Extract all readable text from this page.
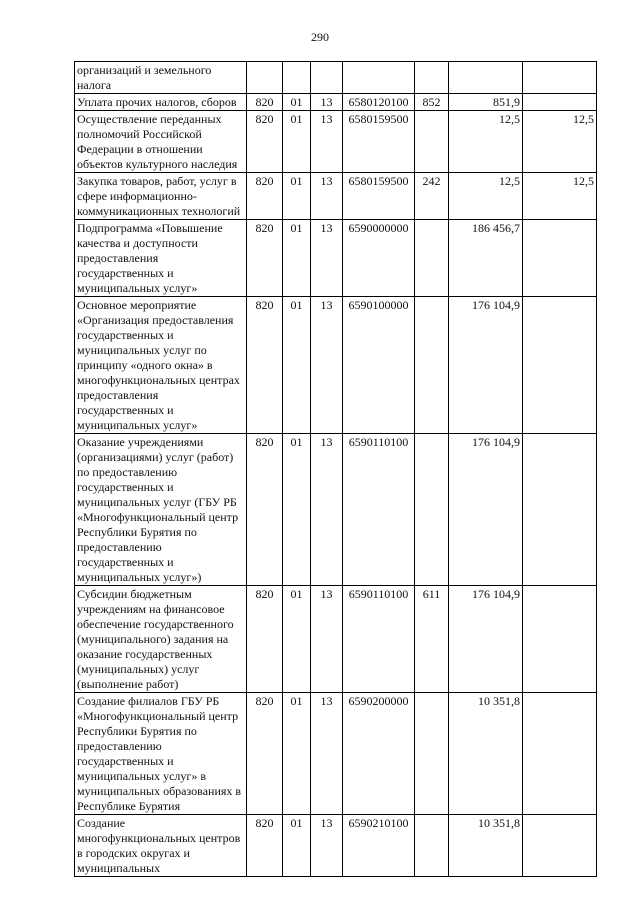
290
организаций и земельного налога							
Уплата прочих налогов, сборов	820	01	13	6580120100	852	851,9	
Осуществление переданных полномочий Российской Федерации в отношении объектов культурного наследия	820	01	13	6580159500		12,5	12,5
Закупка товаров, работ, услуг в сфере информационно-коммуникационных технологий	820	01	13	6580159500	242	12,5	12,5
Подпрограмма «Повышение качества и доступности предоставления государственных и муниципальных услуг»	820	01	13	6590000000		186 456,7	
Основное мероприятие «Организация предоставления государственных и муниципальных услуг по принципу «одного окна» в многофункциональных центрах предоставления государственных и муниципальных услуг»	820	01	13	6590100000		176 104,9	
Оказание учреждениями (организациями) услуг (работ) по предоставлению государственных и муниципальных услуг (ГБУ РБ «Многофункциональный центр Республики Бурятия по предоставлению государственных и муниципальных услуг»)	820	01	13	6590110100		176 104,9	
Субсидии бюджетным учреждениям на финансовое обеспечение государственного (муниципального) задания на оказание государственных (муниципальных) услуг (выполнение работ)	820	01	13	6590110100	611	176 104,9	
Создание филиалов ГБУ РБ «Многофункциональный центр Республики Бурятия по предоставлению государственных и муниципальных услуг» в муниципальных образованиях в Республике Бурятия	820	01	13	6590200000		10 351,8	
Создание многофункциональных центров в городских округах и муниципальных	820	01	13	6590210100		10 351,8	
